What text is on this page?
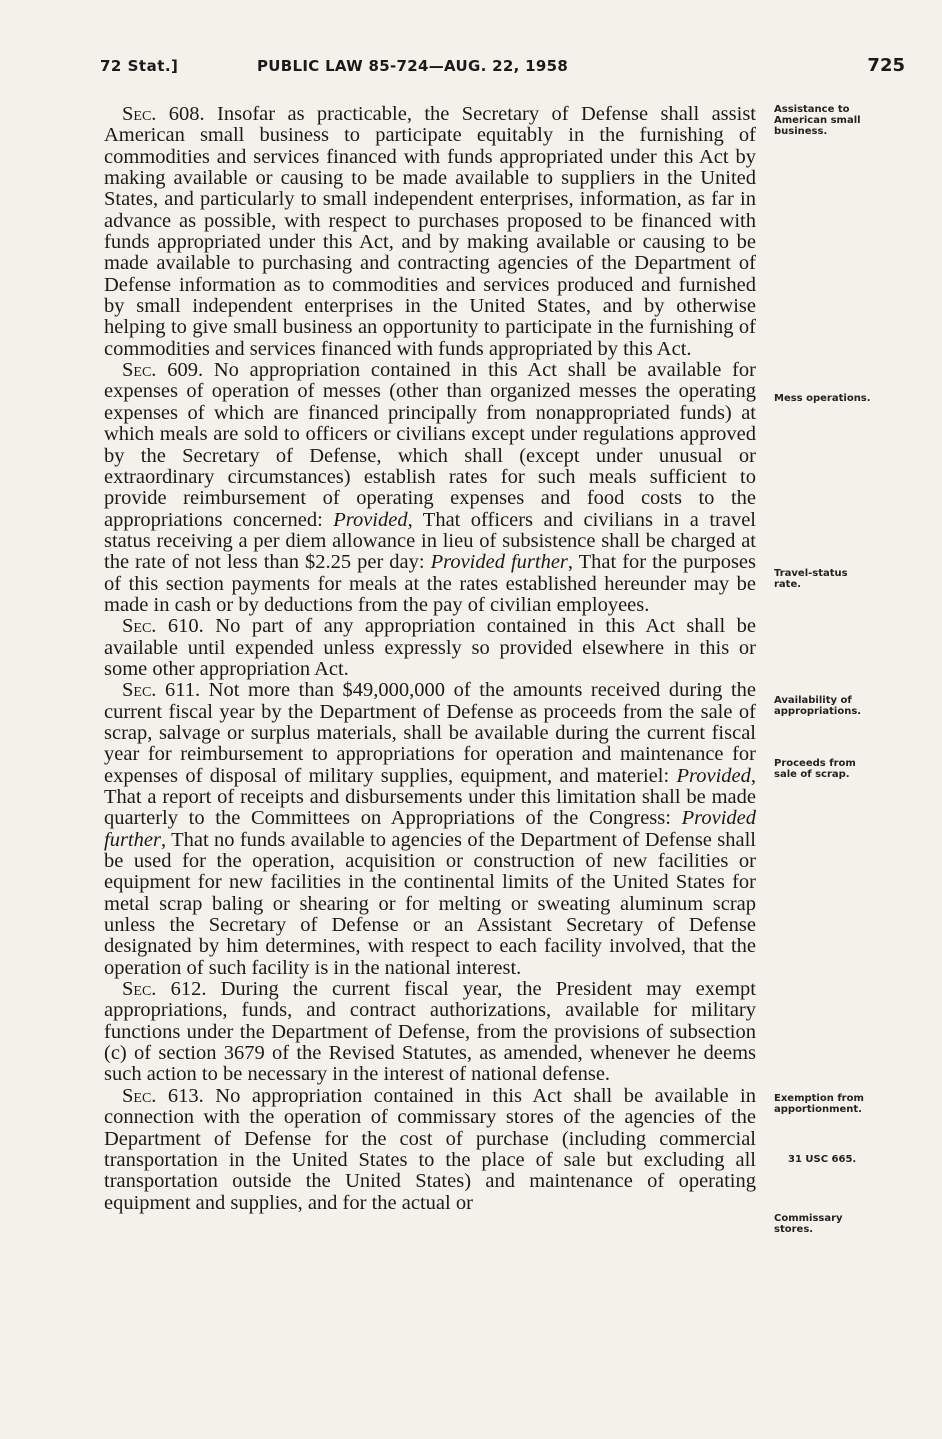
72 Stat.]	PUBLIC LAW 85-724—AUG. 22, 1958	725

Sec. 608. Insofar as practicable, the Secretary of Defense shall assist American small business to participate equitably in the furnishing of commodities and services financed with funds appropriated under this Act by making available or causing to be made available to suppliers in the United States, and particularly to small independent enterprises, information, as far in advance as possible, with respect to purchases proposed to be financed with funds appropriated under this Act, and by making available or causing to be made available to purchasing and contracting agencies of the Department of Defense information as to commodities and services produced and furnished by small independent enterprises in the United States, and by otherwise helping to give small business an opportunity to participate in the furnishing of commodities and services financed with funds appropriated by this Act.

Sec. 609. No appropriation contained in this Act shall be available for expenses of operation of messes (other than organized messes the operating expenses of which are financed principally from nonappropriated funds) at which meals are sold to officers or civilians except under regulations approved by the Secretary of Defense, which shall (except under unusual or extraordinary circumstances) establish rates for such meals sufficient to provide reimbursement of operating expenses and food costs to the appropriations concerned: Provided, That officers and civilians in a travel status receiving a per diem allowance in lieu of subsistence shall be charged at the rate of not less than $2.25 per day: Provided further, That for the purposes of this section payments for meals at the rates established hereunder may be made in cash or by deductions from the pay of civilian employees.

Sec. 610. No part of any appropriation contained in this Act shall be available until expended unless expressly so provided elsewhere in this or some other appropriation Act.

Sec. 611. Not more than $49,000,000 of the amounts received during the current fiscal year by the Department of Defense as proceeds from the sale of scrap, salvage or surplus materials, shall be available during the current fiscal year for reimbursement to appropriations for operation and maintenance for expenses of disposal of military supplies, equipment, and materiel: Provided, That a report of receipts and disbursements under this limitation shall be made quarterly to the Committees on Appropriations of the Congress: Provided further, That no funds available to agencies of the Department of Defense shall be used for the operation, acquisition or construction of new facilities or equipment for new facilities in the continental limits of the United States for metal scrap baling or shearing or for melting or sweating aluminum scrap unless the Secretary of Defense or an Assistant Secretary of Defense designated by him determines, with respect to each facility involved, that the operation of such facility is in the national interest.

Sec. 612. During the current fiscal year, the President may exempt appropriations, funds, and contract authorizations, available for military functions under the Department of Defense, from the provisions of subsection (c) of section 3679 of the Revised Statutes, as amended, whenever he deems such action to be necessary in the interest of national defense.

Sec. 613. No appropriation contained in this Act shall be available in connection with the operation of commissary stores of the agencies of the Department of Defense for the cost of purchase (including commercial transportation in the United States to the place of sale but excluding all transportation outside the United States) and maintenance of operating equipment and supplies, and for the actual or

Assistance to
American small
business.
Mess operations.
Travel-status
rate.
Availability of
appropriations.
Proceeds from
sale of scrap.
Exemption from
apportionment.
31 USC 665.
Commissary
stores.
